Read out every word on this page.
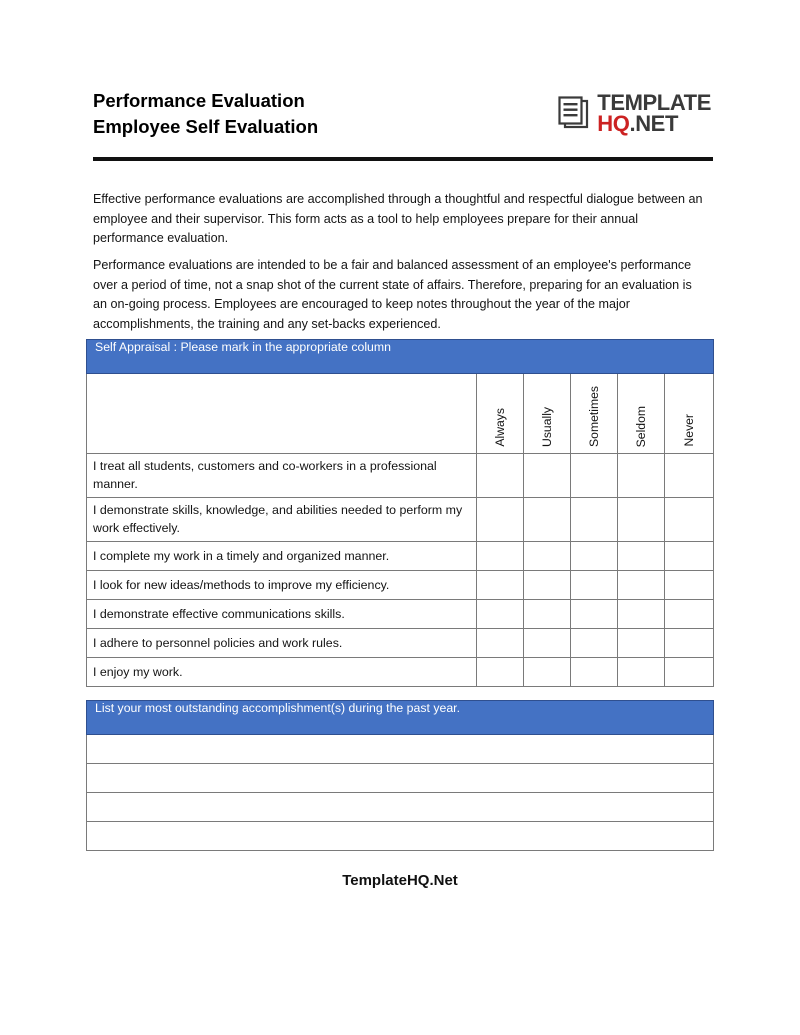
Performance Evaluation
Employee Self Evaluation
TEMPLATE
HQ.NET
Effective performance evaluations are accomplished through a thoughtful and respectful dialogue between an employee and their supervisor. This form acts as a tool to help employees prepare for their annual performance evaluation.
Performance evaluations are intended to be a fair and balanced assessment of an employee's performance over a period of time, not a snap shot of the current state of affairs. Therefore, preparing for an evaluation is an on-going process. Employees are encouraged to keep notes throughout the year of the major accomplishments, the training and any set-backs experienced.
Self Appraisal : Please mark in the appropriate column					

	Always	Usually	Sometimes	Seldom	Never

I treat all students, customers and co-workers in a professional manner.					
I demonstrate skills, knowledge, and abilities needed to perform my work effectively.					
I complete my work in a timely and organized manner.					
I look for new ideas/methods to improve my efficiency.					
I demonstrate effective communications skills.					
I adhere to personnel policies and work rules.					
I enjoy my work.					
List your most outstanding accomplishment(s) during the past year.

TemplateHQ.Net
